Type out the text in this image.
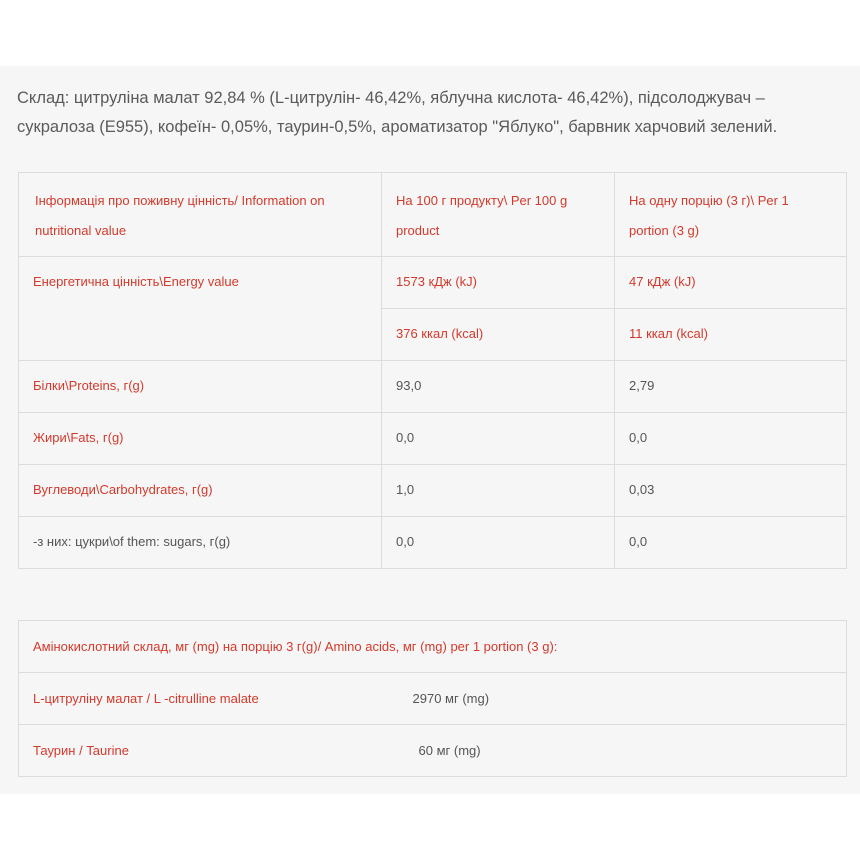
Склад: цитруліна малат 92,84 % (L-цитрулін- 46,42%, яблучна кислота- 46,42%), підсолоджувач – сукралоза (E955), кофеїн- 0,05%, таурин-0,5%, ароматизатор "Яблуко", барвник харчовий зелений.

Інформація про поживну цінність/ Information on nutritional value	На 100 г продукту\ Per 100 g product	На одну порцію (3 г)\ Per 1 portion (3 g)
Енергетична цінність\Energy value	1573 кДж (kJ)	47 кДж (kJ)
	376 ккал (kcal)	11 ккал (kcal)
Білки\Proteins, г(g)	93,0	2,79
Жири\Fats, г(g)	0,0	0,0
Вуглеводи\Carbohydrates, г(g)	1,0	0,03
-з них: цукри\of them: sugars, г(g)	0,0	0,0
Амінокислотний склад, мг (mg) на порцію 3 г(g)/ Amino acids, мг (mg) per 1 portion (3 g):	
L-цитруліну малат / L -citrulline malate	2970 мг (mg)
Таурин / Taurine	60 мг (mg)
